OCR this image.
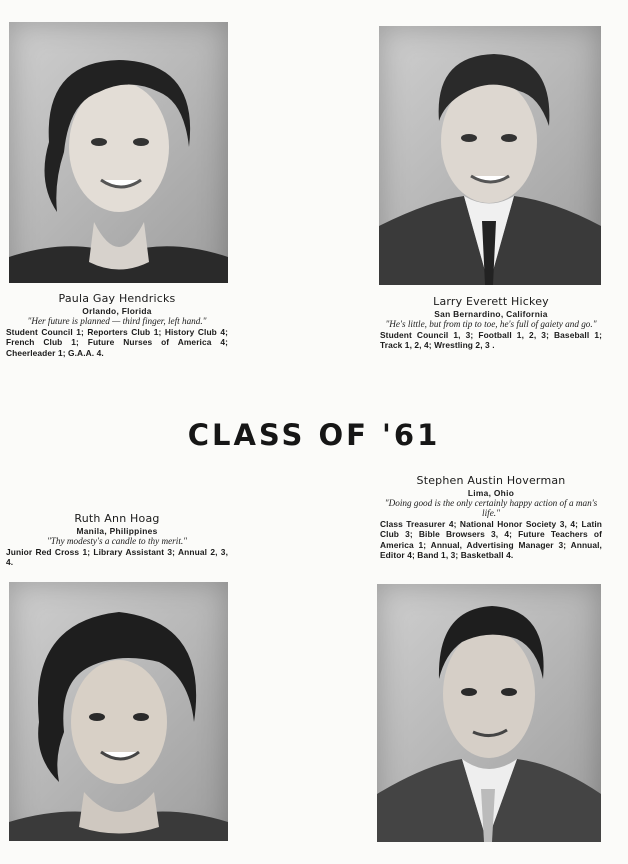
Paula Gay Hendricks
Orlando, Florida
"Her future is planned — third finger, left hand."
Student Council 1; Reporters Club 1; History Club 4; French Club 1; Future Nurses of America 4; Cheerleader 1; G.A.A. 4.
Larry Everett Hickey
San Bernardino, California
"He's little, but from tip to toe, he's full of gaiety and go."
Student Council 1, 3; Football 1, 2, 3; Baseball 1; Track 1, 2, 4; Wrestling 2, 3 .
CLASS OF '61
Stephen Austin Hoverman
Lima, Ohio
"Doing good is the only certainly happy action of a man's life."
Class Treasurer 4; National Honor Society 3, 4; Latin Club 3; Bible Browsers 3, 4; Future Teachers of America 1; Annual, Advertising Manager 3; Annual, Editor 4; Band 1, 3; Basketball 4.
Ruth Ann Hoag
Manila, Philippines
"Thy modesty's a candle to thy merit."
Junior Red Cross 1; Library Assistant 3; Annual 2, 3, 4.
